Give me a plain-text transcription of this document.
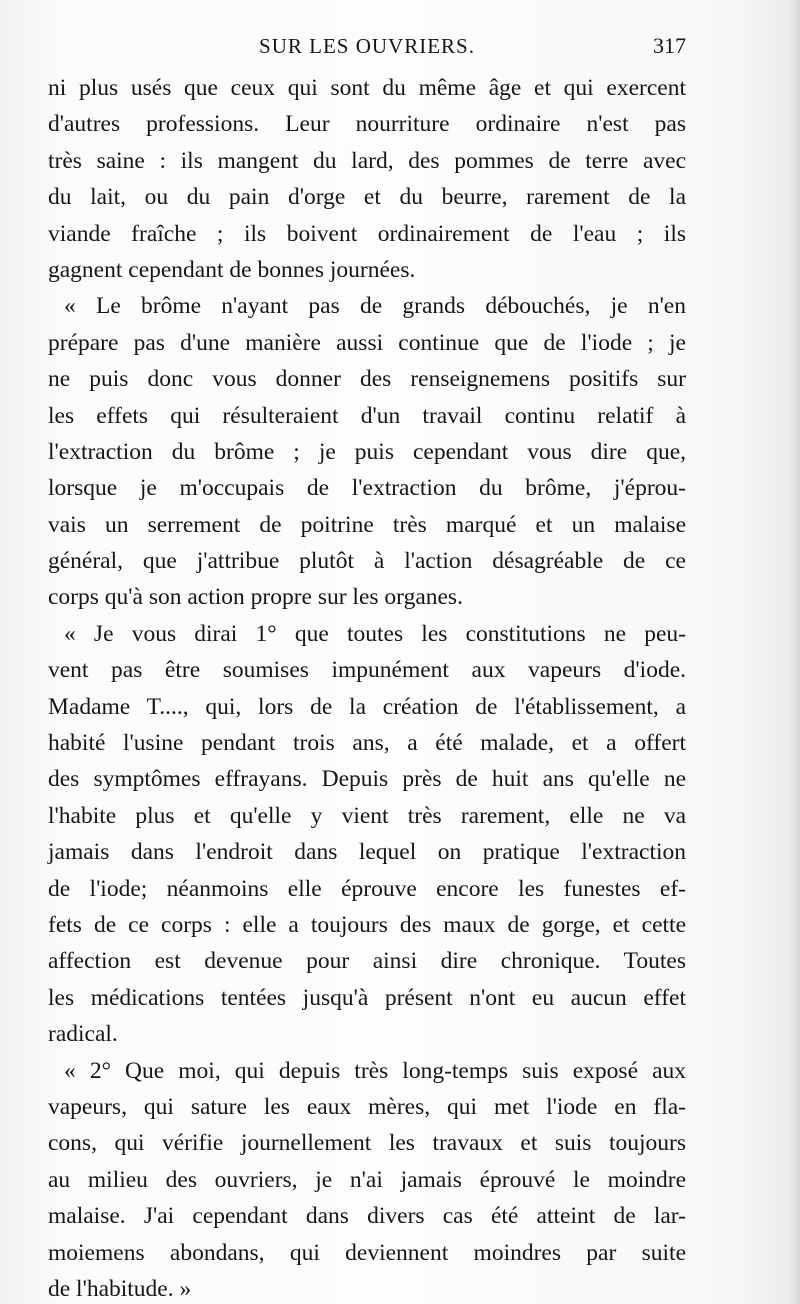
SUR LES OUVRIERS.	317
ni plus usés que ceux qui sont du même âge et qui exercent
d'autres professions. Leur nourriture ordinaire n'est pas
très saine : ils mangent du lard, des pommes de terre avec
du lait, ou du pain d'orge et du beurre, rarement de la
viande fraîche ; ils boivent ordinairement de l'eau ; ils
gagnent cependant de bonnes journées.
« Le brôme n'ayant pas de grands débouchés, je n'en
prépare pas d'une manière aussi continue que de l'iode ; je
ne puis donc vous donner des renseignemens positifs sur
les effets qui résulteraient d'un travail continu relatif à
l'extraction du brôme ; je puis cependant vous dire que,
lorsque je m'occupais de l'extraction du brôme, j'éprou-
vais un serrement de poitrine très marqué et un malaise
général, que j'attribue plutôt à l'action désagréable de ce
corps qu'à son action propre sur les organes.
« Je vous dirai 1° que toutes les constitutions ne peu-
vent pas être soumises impunément aux vapeurs d'iode.
Madame T...., qui, lors de la création de l'établissement, a
habité l'usine pendant trois ans, a été malade, et a offert
des symptômes effrayans. Depuis près de huit ans qu'elle ne
l'habite plus et qu'elle y vient très rarement, elle ne va
jamais dans l'endroit dans lequel on pratique l'extraction
de l'iode; néanmoins elle éprouve encore les funestes ef-
fets de ce corps : elle a toujours des maux de gorge, et cette
affection est devenue pour ainsi dire chronique. Toutes
les médications tentées jusqu'à présent n'ont eu aucun effet
radical.
« 2° Que moi, qui depuis très long-temps suis exposé aux
vapeurs, qui sature les eaux mères, qui met l'iode en fla-
cons, qui vérifie journellement les travaux et suis toujours
au milieu des ouvriers, je n'ai jamais éprouvé le moindre
malaise. J'ai cependant dans divers cas été atteint de lar-
moiemens abondans, qui deviennent moindres par suite
de l'habitude. »
